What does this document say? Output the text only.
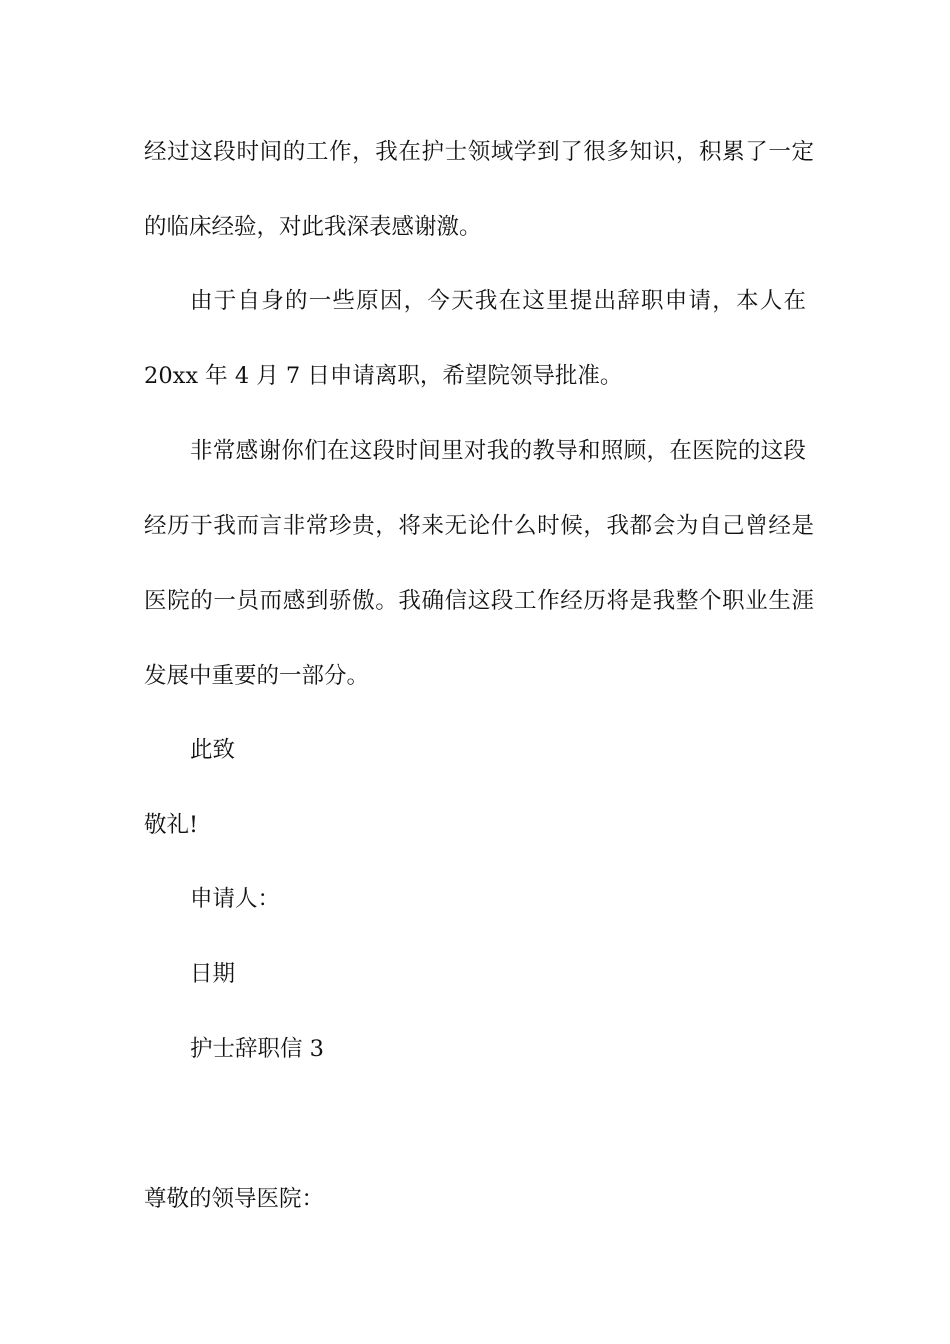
经过这段时间的工作，我在护士领域学到了很多知识，积累了一定
的临床经验，对此我深表感谢激。
由于自身的一些原因，今天我在这里提出辞职申请，本人在
20xx 年 4 月 7 日申请离职，希望院领导批准。
非常感谢你们在这段时间里对我的教导和照顾，在医院的这段
经历于我而言非常珍贵，将来无论什么时候，我都会为自己曾经是
医院的一员而感到骄傲。我确信这段工作经历将是我整个职业生涯
发展中重要的一部分。
此致
敬礼!
申请人：
日期
护士辞职信 3
尊敬的领导医院：
